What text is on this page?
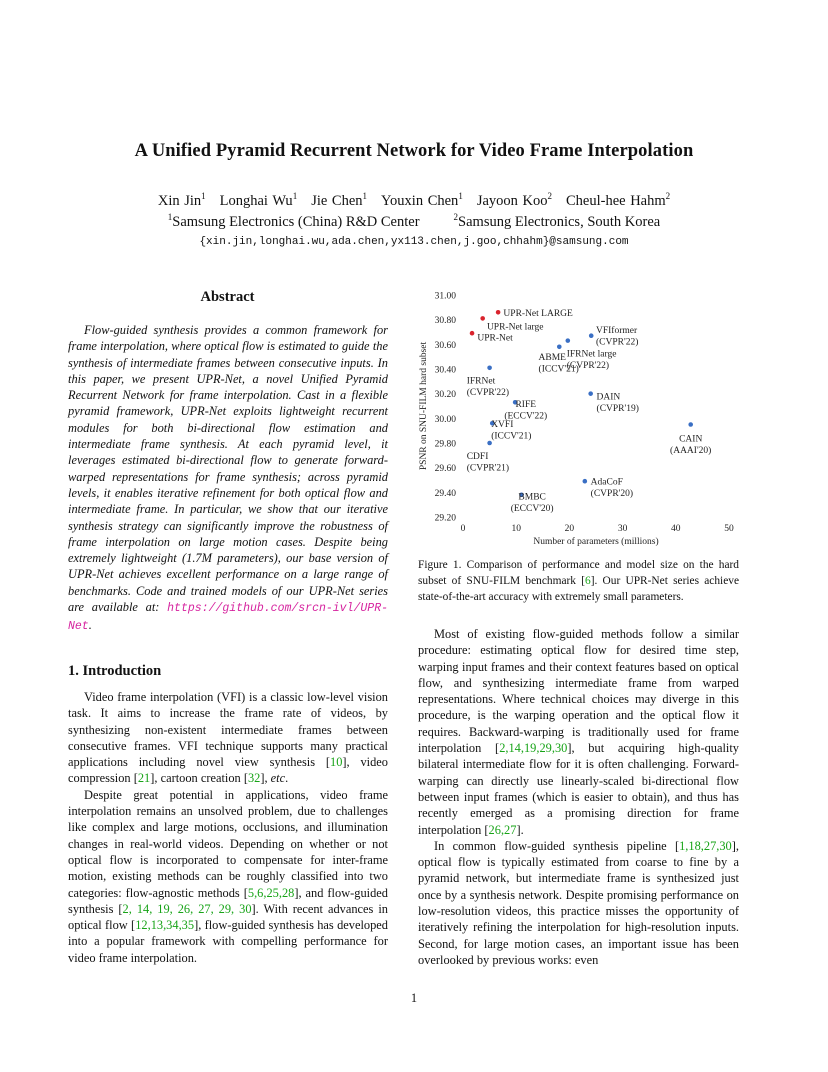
A Unified Pyramid Recurrent Network for Video Frame Interpolation
Xin Jin$^1$ Longhai Wu$^1$ Jie Chen$^1$ Youxin Chen$^1$ Jayoon Koo$^2$ Cheul-hee Hahm$^2$
$^1$Samsung Electronics (China) R&D Center	$^2$Samsung Electronics, South Korea
{xin.jin,longhai.wu,ada.chen,yx113.chen,j.goo,chhahm}@samsung.com
Abstract
Flow-guided synthesis provides a common framework for frame interpolation, where optical flow is estimated to guide the synthesis of intermediate frames between consecutive inputs. In this paper, we present UPR-Net, a novel Unified Pyramid Recurrent Network for frame interpolation. Cast in a flexible pyramid framework, UPR-Net exploits lightweight recurrent modules for both bi-directional flow estimation and intermediate frame synthesis. At each pyramid level, it leverages estimated bi-directional flow to generate forward-warped representations for frame synthesis; across pyramid levels, it enables iterative refinement for both optical flow and intermediate frame. In particular, we show that our iterative synthesis strategy can significantly improve the robustness of frame interpolation on large motion cases. Despite being extremely lightweight (1.7M parameters), our base version of UPR-Net achieves excellent performance on a large range of benchmarks. Code and trained models of our UPR-Net series are available at: https://github.com/srcn-ivl/UPR-Net.
1. Introduction

Video frame interpolation (VFI) is a classic low-level vision task. It aims to increase the frame rate of videos, by synthesizing non-existent intermediate frames between consecutive frames. VFI technique supports many practical applications including novel view synthesis [10], video compression [21], cartoon creation [32], etc.

Despite great potential in applications, video frame interpolation remains an unsolved problem, due to challenges like complex and large motions, occlusions, and illumination changes in real-world videos. Depending on whether or not optical flow is incorporated to compensate for inter-frame motion, existing methods can be roughly classified into two categories: flow-agnostic methods [5,6,25,28], and flow-guided synthesis [2, 14, 19, 26, 27, 29, 30]. With recent advances in optical flow [12,13,34,35], flow-guided synthesis has developed into a popular framework with compelling performance for video frame interpolation.

29.20
29.40
29.60
29.80
30.00
30.20
30.40
30.60
30.80
31.00
0	10	20	30	40	50
Number of parameters (millions)
PSNR on SNU-FILM hard subset
UPR-Net LARGE
UPR-Net large
UPR-Net
VFIformer
(CVPR'22)
IFRNet large
(CVPR'22)
ABME
(ICCV'21)
IFRNet
(CVPR'22)	DAIN
(CVPR'19)
RIFE
(ECCV'22)
XVFI
(ICCV'21)	CAIN
(AAAI'20)
CDFI
(CVPR'21)
AdaCoF
(CVPR'20)
BMBC
(ECCV'20)
Figure 1. Comparison of performance and model size on the hard subset of SNU-FILM benchmark [6]. Our UPR-Net series achieve state-of-the-art accuracy with extremely small parameters.

Most of existing flow-guided methods follow a similar procedure: estimating optical flow for desired time step, warping input frames and their context features based on optical flow, and synthesizing intermediate frame from warped representations. Where technical choices may diverge in this procedure, is the warping operation and the optical flow it requires. Backward-warping is traditionally used for frame interpolation [2,14,19,29,30], but acquiring high-quality bilateral intermediate flow for it is often challenging. Forward-warping can directly use linearly-scaled bi-directional flow between input frames (which is easier to obtain), and thus has recently emerged as a promising direction for frame interpolation [26,27].

In common flow-guided synthesis pipeline [1,18,27,30], optical flow is typically estimated from coarse to fine by a pyramid network, but intermediate frame is synthesized just once by a synthesis network. Despite promising performance on low-resolution videos, this practice misses the opportunity of iteratively refining the interpolation for high-resolution inputs. Second, for large motion cases, an important issue has been overlooked by previous works: even

1
